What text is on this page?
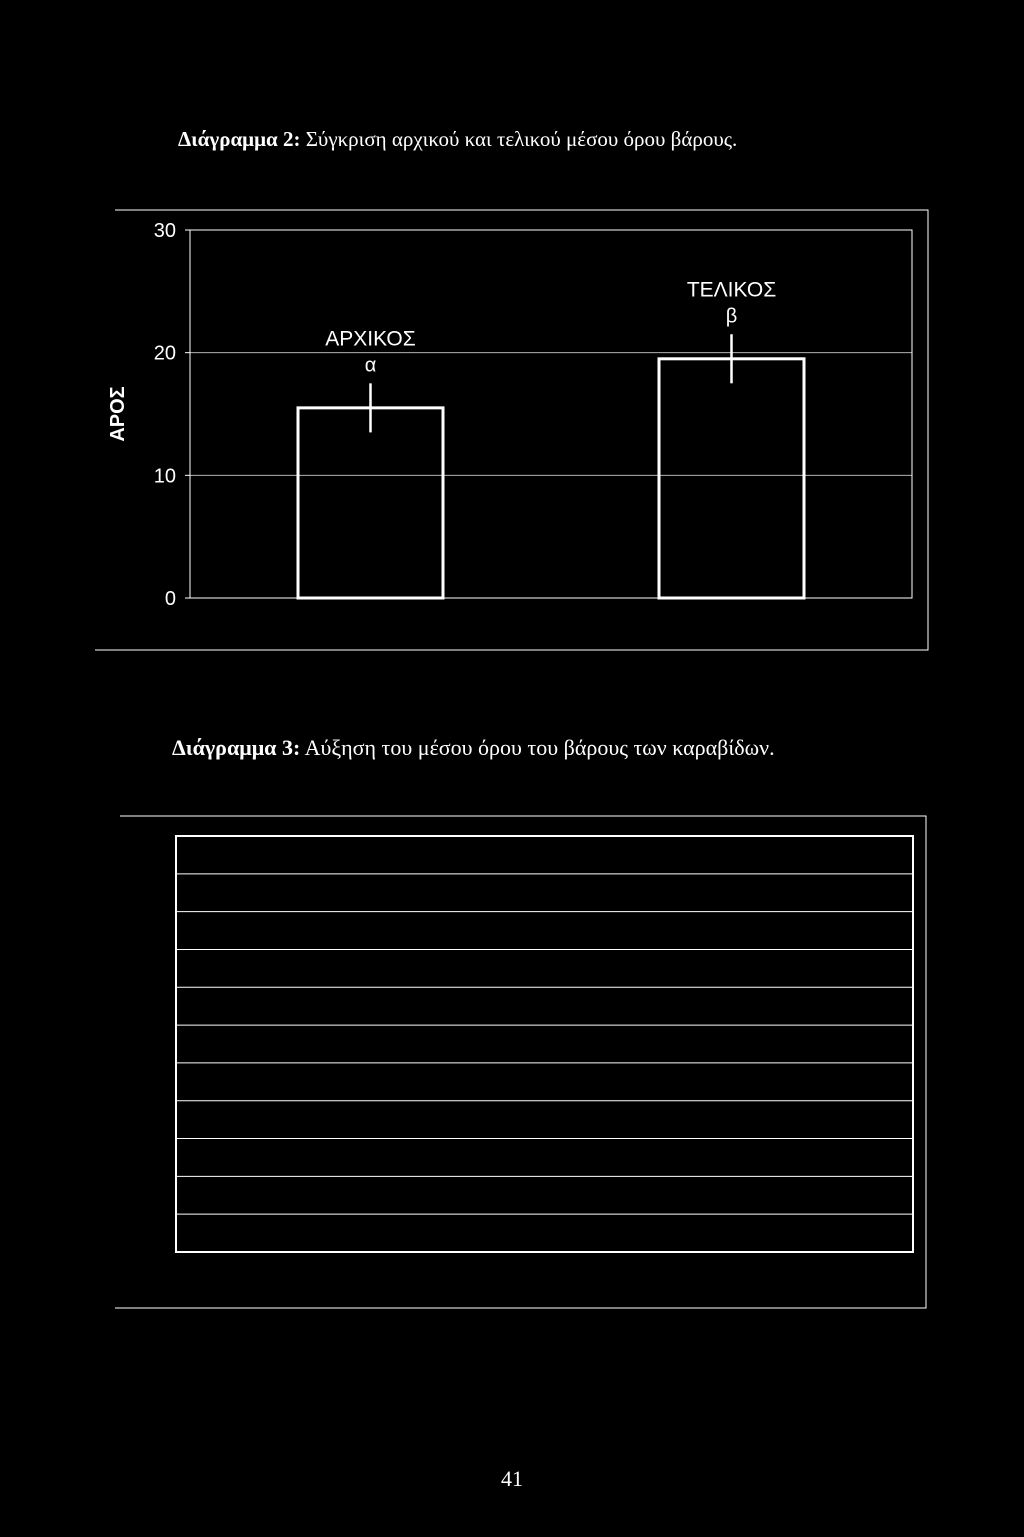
Διάγραμμα 2: Σύγκριση αρχικού και τελικού μέσου όρου βάρους.

0
10
20
30
ΑΡΟΣ
α
ΑΡΧΙΚΟΣ
β
ΤΕΛΙΚΟΣ

Διάγραμμα 3: Αύξηση του μέσου όρου του βάρους των καραβίδων.

41
